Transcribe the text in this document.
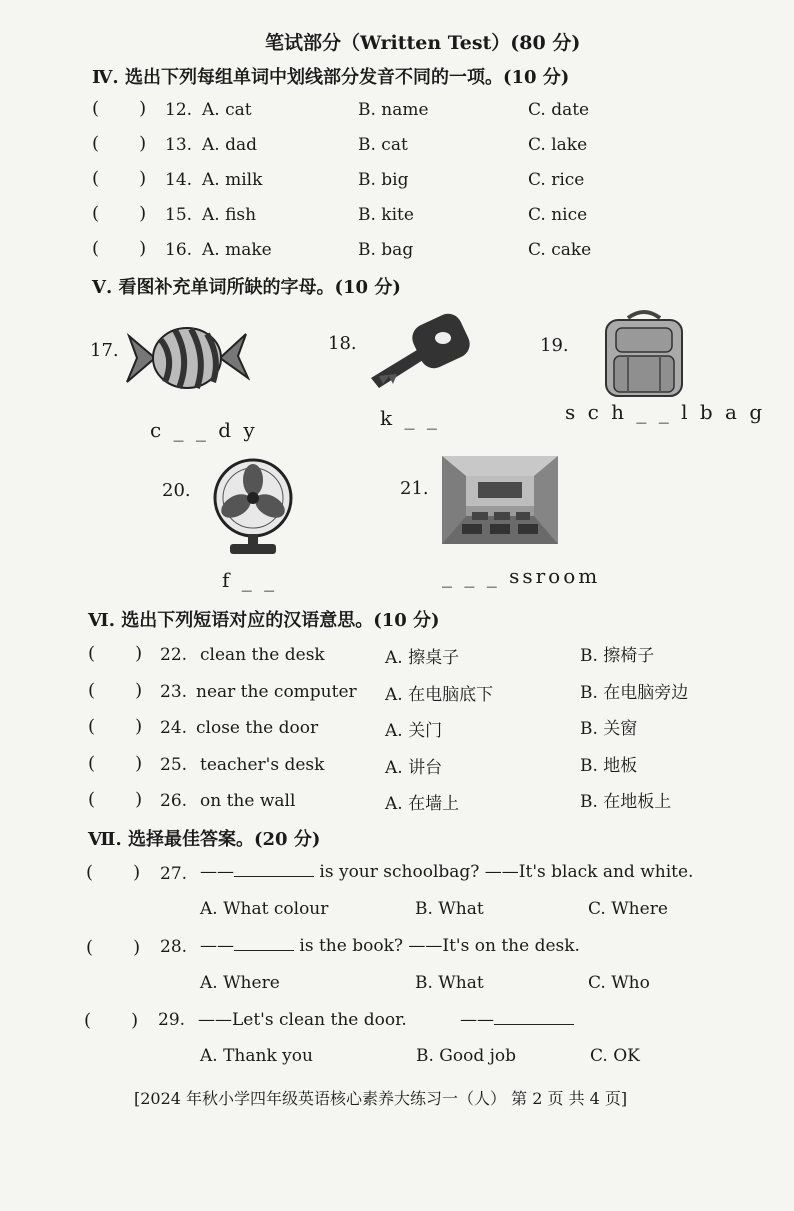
笔试部分（Written Test）(80 分)
Ⅳ. 选出下列每组单词中划线部分发音不同的一项。(10 分)
(       ) 12. A. cat	B. name	C. date
(       ) 13. A. dad	B. cat	C. lake
(       ) 14. A. milk	B. big	C. rice
(       ) 15. A. fish	B. kite	C. nice
(       ) 16. A. make	B. bag	C. cake
Ⅴ. 看图补充单词所缺的字母。(10 分)
17.
c _ _ d y
18.
k _ _
19.
s c h _ _ l b a g
20.
f _ _
21.
_ _ _ ssroom
Ⅵ. 选出下列短语对应的汉语意思。(10 分)
(       ) 22. clean the desk	A. 擦桌子	B. 擦椅子
(       ) 23. near the computer A. 在电脑底下	B. 在电脑旁边
(       ) 24. close the door	A. 关门	B. 关窗
(       ) 25. teacher's desk	A. 讲台	B. 地板
(       ) 26. on the wall	A. 在墙上	B. 在地板上
Ⅶ. 选择最佳答案。(20 分)
(       ) 27. ——	is your schoolbag? ——It's black and white.
A. What colour	B. What	C. Where
(       ) 28. ——	is the book? ——It's on the desk.
A. Where	B. What	C. Who
(       ) 29. ——Let's clean the door.	——
A. Thank you	B. Good job	C. OK
[2024 年秋小学四年级英语核心素养大练习一（人） 第 2 页 共 4 页]
